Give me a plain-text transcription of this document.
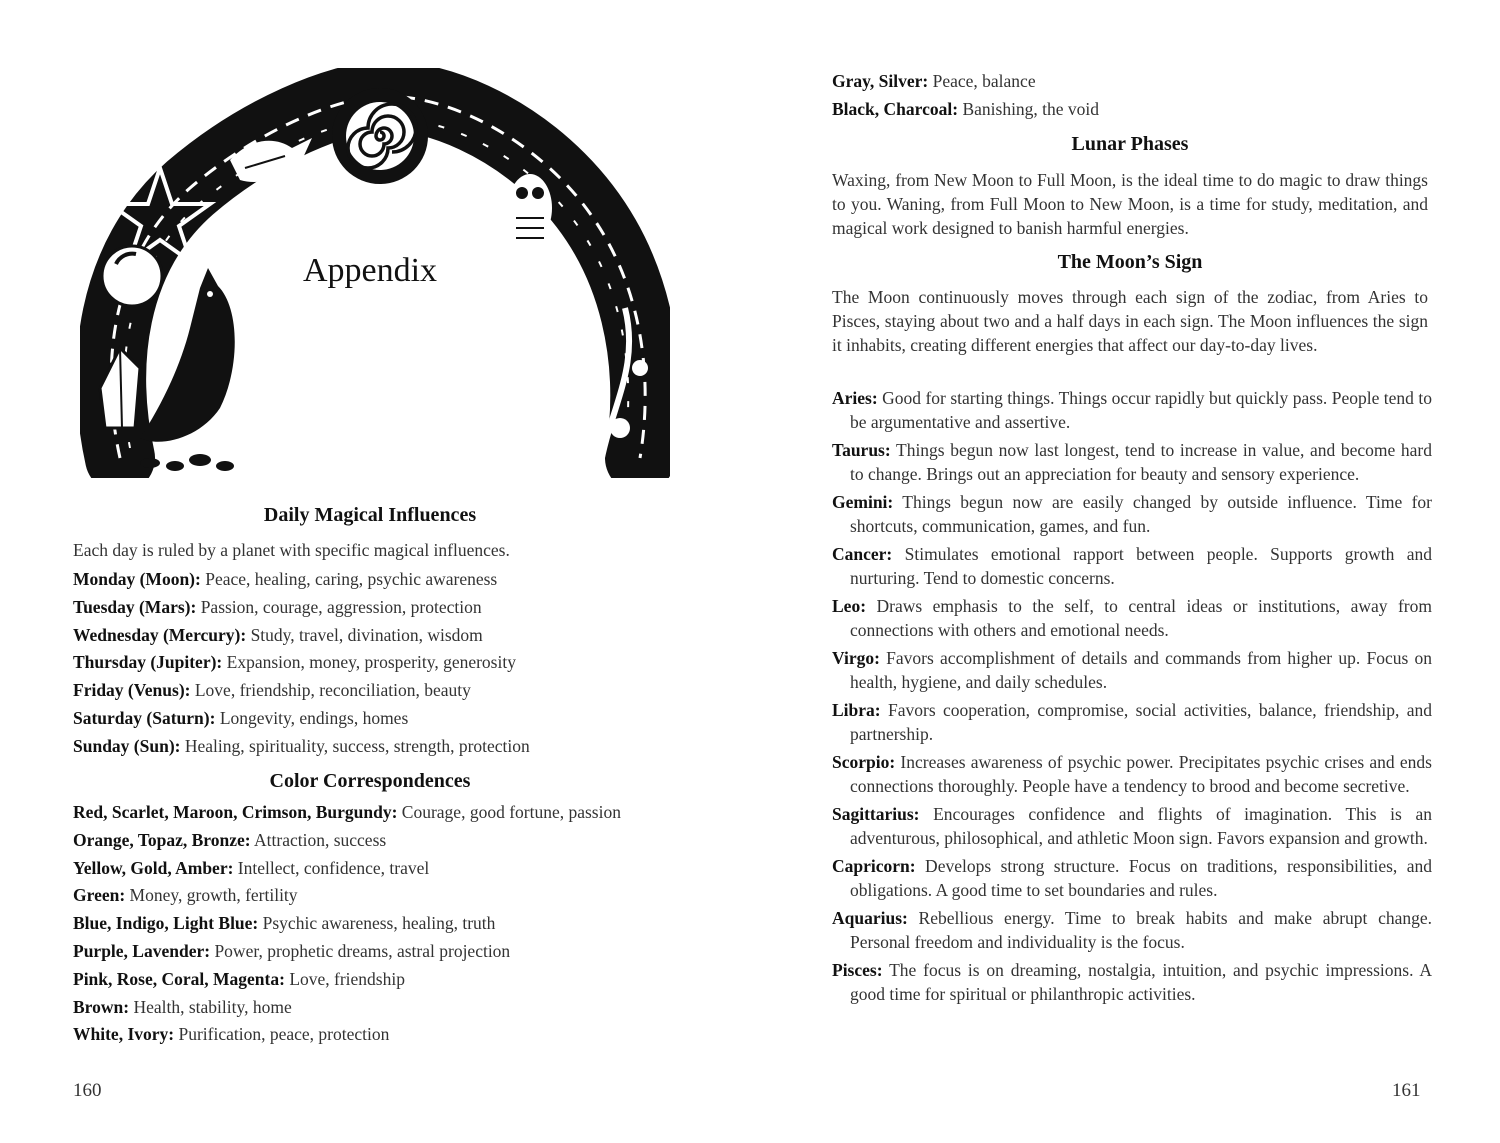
Appendix
Daily Magical Influences

Each day is ruled by a planet with specific magical influences.

Monday (Moon): Peace, healing, caring, psychic awareness
Tuesday (Mars): Passion, courage, aggression, protection
Wednesday (Mercury): Study, travel, divination, wisdom
Thursday (Jupiter): Expansion, money, prosperity, generosity
Friday (Venus): Love, friendship, reconciliation, beauty
Saturday (Saturn): Longevity, endings, homes
Sunday (Sun): Healing, spirituality, success, strength, protection
Color Correspondences
Red, Scarlet, Maroon, Crimson, Burgundy: Courage, good fortune, passion
Orange, Topaz, Bronze: Attraction, success
Yellow, Gold, Amber: Intellect, confidence, travel
Green: Money, growth, fertility
Blue, Indigo, Light Blue: Psychic awareness, healing, truth
Purple, Lavender: Power, prophetic dreams, astral projection
Pink, Rose, Coral, Magenta: Love, friendship
Brown: Health, stability, home
White, Ivory: Purification, peace, protection

160

Gray, Silver: Peace, balance
Black, Charcoal: Banishing, the void
Lunar Phases

Waxing, from New Moon to Full Moon, is the ideal time to do magic to draw things to you. Waning, from Full Moon to New Moon, is a time for study, meditation, and magical work designed to banish harmful energies.

The Moon’s Sign

The Moon continuously moves through each sign of the zodiac, from Aries to Pisces, staying about two and a half days in each sign. The Moon influences the sign it inhabits, creating different energies that affect our day-to-day lives.

Aries: Good for starting things. Things occur rapidly but quickly pass. People tend to be argumentative and assertive.
Taurus: Things begun now last longest, tend to increase in value, and become hard to change. Brings out an appreciation for beauty and sensory experience.
Gemini: Things begun now are easily changed by outside influence. Time for shortcuts, communication, games, and fun.
Cancer: Stimulates emotional rapport between people. Supports growth and nurturing. Tend to domestic concerns.
Leo: Draws emphasis to the self, to central ideas or institutions, away from connections with others and emotional needs.
Virgo: Favors accomplishment of details and commands from higher up. Focus on health, hygiene, and daily schedules.
Libra: Favors cooperation, compromise, social activities, balance, friendship, and partnership.
Scorpio: Increases awareness of psychic power. Precipitates psychic crises and ends connections thoroughly. People have a tendency to brood and become secretive.
Sagittarius: Encourages confidence and flights of imagination. This is an adventurous, philosophical, and athletic Moon sign. Favors expansion and growth.
Capricorn: Develops strong structure. Focus on traditions, responsibilities, and obligations. A good time to set boundaries and rules.
Aquarius: Rebellious energy. Time to break habits and make abrupt change. Personal freedom and individuality is the focus.
Pisces: The focus is on dreaming, nostalgia, intuition, and psychic impressions. A good time for spiritual or philanthropic activities.

161
